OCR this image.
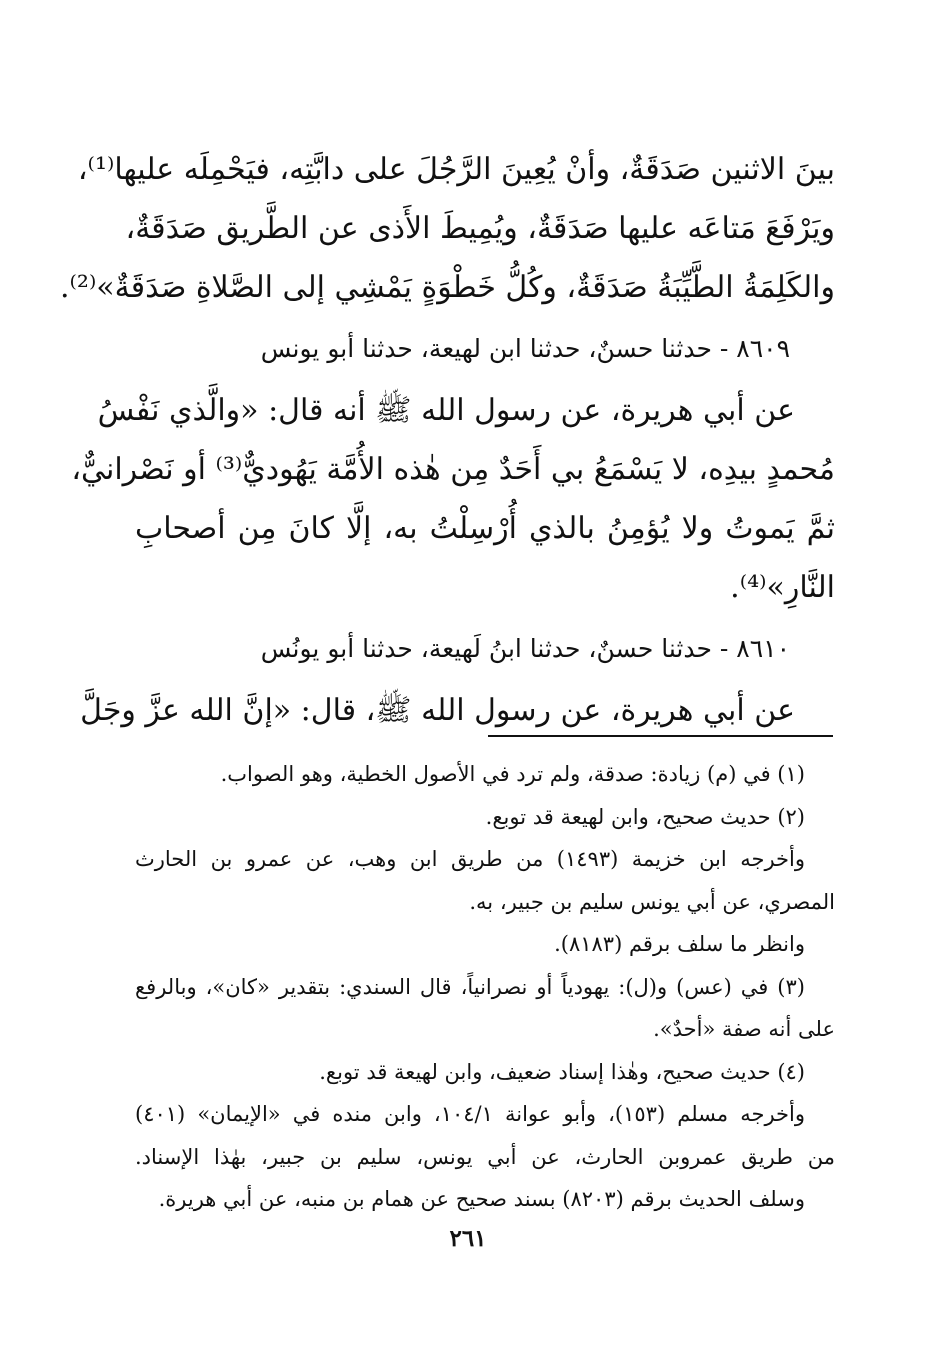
بينَ الاثنين صَدَقَةٌ، وأنْ يُعِينَ الرَّجُلَ على دابَّتِه، فيَحْمِلَه عليها⁽¹⁾،
ويَرْفَعَ مَتاعَه عليها صَدَقَةٌ، ويُمِيطَ الأَذى عن الطَّريق صَدَقَةٌ،
والكَلِمَةُ الطَّيِّبَةُ صَدَقَةٌ، وكُلُّ خَطْوَةٍ يَمْشِي إلى الصَّلاةِ صَدَقَةٌ»⁽²⁾.
٨٦٠٩ - حدثنا حسنٌ، حدثنا ابن لهيعة، حدثنا أبو يونس
عن أبي هريرة، عن رسول الله ﷺ أنه قال: «والَّذي نَفْسُ
مُحمدٍ بيدِه، لا يَسْمَعُ بي أَحَدٌ مِن هٰذه الأُمَّة يَهُوديٌّ⁽³⁾ أو نَصْرانيٌّ،
ثمَّ يَموتُ ولا يُؤمِنُ بالذي أُرْسِلْتُ به، إلَّا كانَ مِن أصحابِ
النَّارِ»⁽⁴⁾.
٨٦١٠ - حدثنا حسنٌ، حدثنا ابنُ لَهيعة، حدثنا أبو يونُس
عن أبي هريرة، عن رسول الله ﷺ، قال: «إنَّ الله عزَّ وجَلَّ
(١) في (م) زيادة: صدقة، ولم ترد في الأصول الخطية، وهو الصواب.
(٢) حديث صحيح، وابن لهيعة قد توبع.
وأخرجه ابن خزيمة (١٤٩٣) من طريق ابن وهب، عن عمرو بن الحارث
المصري، عن أبي يونس سليم بن جبير، به.
وانظر ما سلف برقم (٨١٨٣).
(٣) في (عس) و(ل): يهودياً أو نصرانياً، قال السندي: بتقدير «كان»، وبالرفع
على أنه صفة «أحدٌ».
(٤) حديث صحيح، وهٰذا إسناد ضعيف، وابن لهيعة قد توبع.
وأخرجه مسلم (١٥٣)، وأبو عوانة ١٠٤/١، وابن منده في «الإيمان» (٤٠١)
من طريق عمروبن الحارث، عن أبي يونس، سليم بن جبير، بهٰذا الإسناد.
وسلف الحديث برقم (٨٢٠٣) بسند صحيح عن همام بن منبه، عن أبي هريرة.
٢٦١
